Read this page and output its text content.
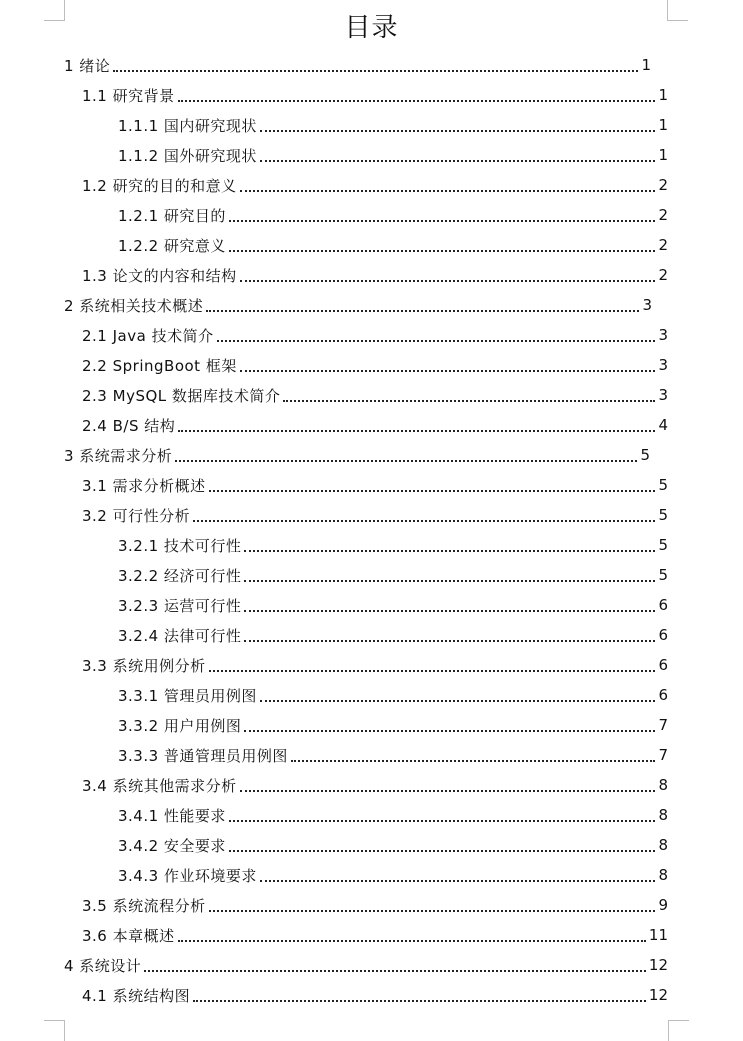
目录
1 绪论	1
1.1 研究背景	1
1.1.1 国内研究现状	1
1.1.2 国外研究现状	1
1.2 研究的目的和意义	2
1.2.1 研究目的	2
1.2.2 研究意义	2
1.3 论文的内容和结构	2
2 系统相关技术概述	3
2.1 Java 技术简介	3
2.2 SpringBoot 框架	3
2.3 MySQL 数据库技术简介	3
2.4 B/S 结构	4
3 系统需求分析	5
3.1 需求分析概述	5
3.2 可行性分析	5
3.2.1 技术可行性	5
3.2.2 经济可行性	5
3.2.3 运营可行性	6
3.2.4 法律可行性	6
3.3 系统用例分析	6
3.3.1 管理员用例图	6
3.3.2 用户用例图	7
3.3.3 普通管理员用例图	7
3.4 系统其他需求分析	8
3.4.1 性能要求	8
3.4.2 安全要求	8
3.4.3 作业环境要求	8
3.5 系统流程分析	9
3.6 本章概述	11
4 系统设计	12
4.1 系统结构图	12
